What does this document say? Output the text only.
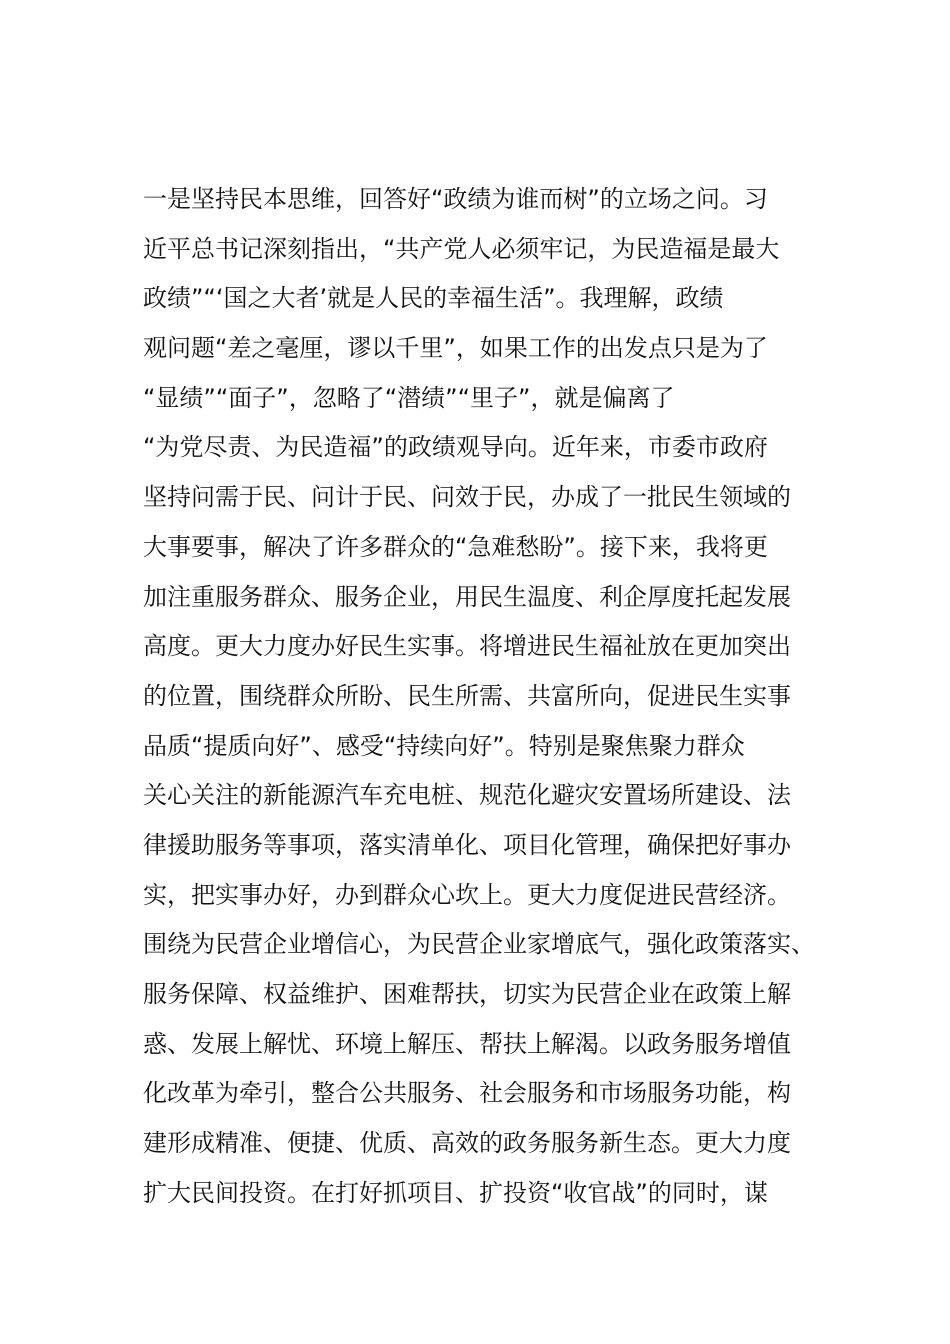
一是坚持民本思维，回答好“政绩为谁而树”的立场之问。习
近平总书记深刻指出，“共产党人必须牢记，为民造福是最大
政绩”“‘国之大者’就是人民的幸福生活”。我理解，政绩
观问题“差之毫厘，谬以千里”，如果工作的出发点只是为了
“显绩”“面子”，忽略了“潜绩”“里子”，就是偏离了
“为党尽责、为民造福”的政绩观导向。近年来，市委市政府
坚持问需于民、问计于民、问效于民，办成了一批民生领域的
大事要事，解决了许多群众的“急难愁盼”。接下来，我将更
加注重服务群众、服务企业，用民生温度、利企厚度托起发展
高度。更大力度办好民生实事。将增进民生福祉放在更加突出
的位置，围绕群众所盼、民生所需、共富所向，促进民生实事
品质“提质向好”、感受“持续向好”。特别是聚焦聚力群众
关心关注的新能源汽车充电桩、规范化避灾安置场所建设、法
律援助服务等事项，落实清单化、项目化管理，确保把好事办
实，把实事办好，办到群众心坎上。更大力度促进民营经济。
围绕为民营企业增信心，为民营企业家增底气，强化政策落实、
服务保障、权益维护、困难帮扶，切实为民营企业在政策上解
惑、发展上解忧、环境上解压、帮扶上解渴。以政务服务增值
化改革为牵引，整合公共服务、社会服务和市场服务功能，构
建形成精准、便捷、优质、高效的政务服务新生态。更大力度
扩大民间投资。在打好抓项目、扩投资“收官战”的同时，谋
